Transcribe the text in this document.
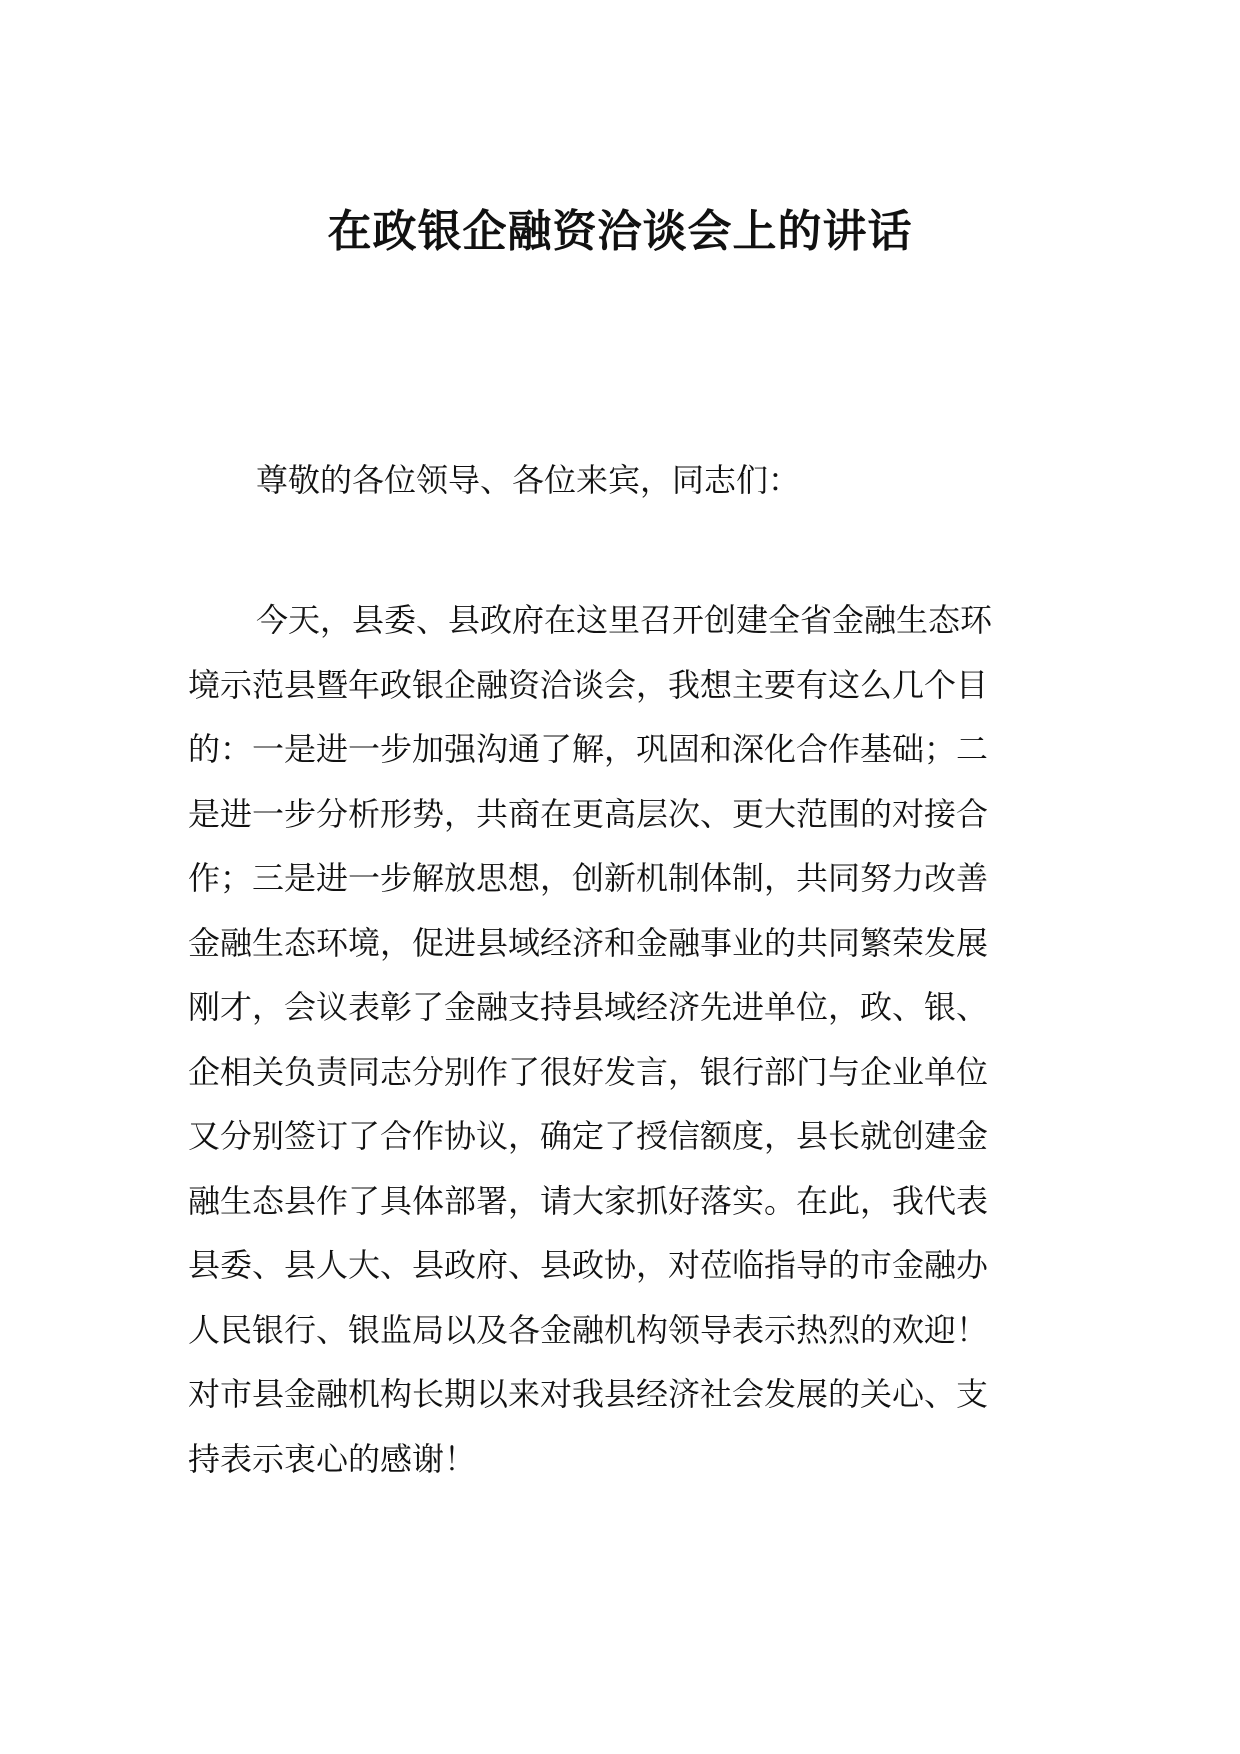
在政银企融资洽谈会上的讲话

尊敬的各位领导、各位来宾，同志们：

今天，县委、县政府在这里召开创建全省金融生态环
境示范县暨年政银企融资洽谈会，我想主要有这么几个目
的：一是进一步加强沟通了解，巩固和深化合作基础；二
是进一步分析形势，共商在更高层次、更大范围的对接合
作；三是进一步解放思想，创新机制体制，共同努力改善
金融生态环境，促进县域经济和金融事业的共同繁荣发展
刚才，会议表彰了金融支持县域经济先进单位，政、银、
企相关负责同志分别作了很好发言，银行部门与企业单位
又分别签订了合作协议，确定了授信额度，县长就创建金
融生态县作了具体部署，请大家抓好落实。在此，我代表
县委、县人大、县政府、县政协，对莅临指导的市金融办
人民银行、银监局以及各金融机构领导表示热烈的欢迎！
对市县金融机构长期以来对我县经济社会发展的关心、支
持表示衷心的感谢！
